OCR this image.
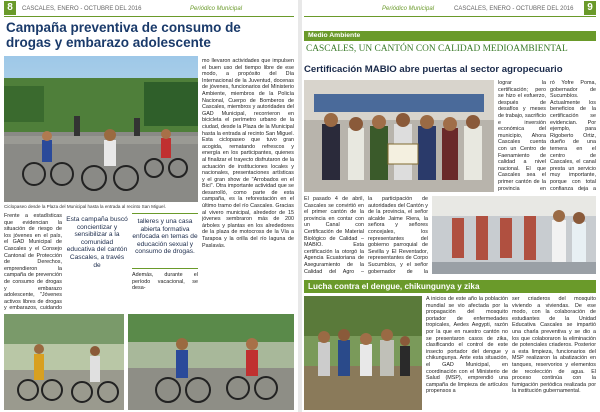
8	CASCALES, ENERO - OCTUBRE DEL 2016	Periódico Municipal
Campaña preventiva de consumo de
drogas y embarazo adolescente
Ciclopaseo desde la Plaza del Municipal hasta la entrada al recinto San Miguel.
mo llevaron actividades que impulsen el buen uso del tiempo libre de ese modo, a propósito del Día Internacional de la Juventud, docenas de jóvenes, funcionarios del Ministerio Ambiente, miembros de la Policía Nacional, Cuerpo de Bomberos de Cascales, miembros y autoridades del GAD Municipal, recorrieron en bicicleta el perímetro urbano de la ciudad, desde la Plaza de la Municipal hasta la entrada al recinto San Miguel. Esta ciclopaseo que tuvo gran acogida, rematando refrescos y energía en los participantes, quienes al finalizar el trayecto disfrutaron de la actuación de instituciones locales y nacionales, presentaciones artísticas y el gran show de "Arrobados en el Bici". Otra importante actividad que se desarrolló, como parte de esta campaña, es la reforestación en el último tramo del río Cascales. Gracias al vivero municipal, alrededor de 15 jóvenes sembraron más de 200 árboles y plantas en los alrededores de la plaza de motocross de la Vía a Tarapoa y la orilla del río laguna de Paslavás.
Frente a estadísticas que evidencian la situación de riesgo de los jóvenes en el país, el GAD Municipal de Cascales y el Consejo Cantonal de Protección de Derechos, emprendieron la campaña de prevención de consumo de drogas y embarazo adolescente, "Jóvenes activos libres de drogas y embarazos, cuidando
Esta campaña buscó concientizar y sensibilizar a la comunidad educativa del cantón Cascales, a través de
talleres y una casa abierta formativa enfocada en temas de educación sexual y consumo de drogas.
Además, durante el período vacacional, se desa-
Periódico Municipal	CASCALES, ENERO - OCTUBRE DEL 2016	9
Medio Ambiente
CASCALES, UN CANTÓN CON CALIDAD MEDIOAMBIENTAL
Certificación MABIO abre puertas al sector agropecuario
lograr la certificación; pero se hizo el esfuerzo, después de desafíos y meses de trabajo, sacrificio e inversión económica del municipio, Ahora Cascales cuenta con un Centro de Faenamiento de calidad a nivel nacional. El que Cascales sea el primer cantón de la provincia en
ró Yofre Poma, gobernador de Sucumbíos. Actualmente los beneficios de la certificación se evidencian. Por ejemplo, para Rigoberto Ortiz, dueño de una ternera en el centro de Cascales, el canal presta un servicio muy importante, porque con total confianza deja a
El pasado 4 de abril, Cascales se convirtió en el primer cantón de la provincia en contar con un Canal con Certificación de Material Biológico de Calidad – MABIO. Esta certificación la otorgó la Agencia Ecuatoriana de Aseguramiento de la Calidad del Agro –
la participación de autoridades del Cantón y de la provincia, el señor alcalde Jaime Riera, la señora y señores concejales, los representantes del gobierno parroquial de Sevilla y El Reventador, representantes de Corpo Sucumbíos, y el señor gobernador de la
Lucha contra el dengue, chikungunya y zika
A inicios de este año la población mundial se vio afectada por la propagación del mosquito portador de enfermedades tropicales, Aedes Aegypti, razón por la que en nuestro cantón no se presentaron casos de zika, clasificando el control de este insecto portador del dengue y chikungunya. Ante esta situación, el GAD Municipal, en coordinación con el Ministerio de Salud (MSP), emprendió una campaña de limpieza de artículos propensos a
ser criaderos del mosquito viviendo a viviendas. De ese modo, con la colaboración de estudiantes de la Unidad Educativa Cascales se impartió una charla preventiva y se dio a los que colaboraron la eliminación de potenciales criaderos. Posterior a esta limpieza, funcionarios del MSP realizaron la abatización en tanques, reservorios y elementos de recolección de agua. El proceso continúa con la fumigación periódica realizada por la institución gubernamental.
